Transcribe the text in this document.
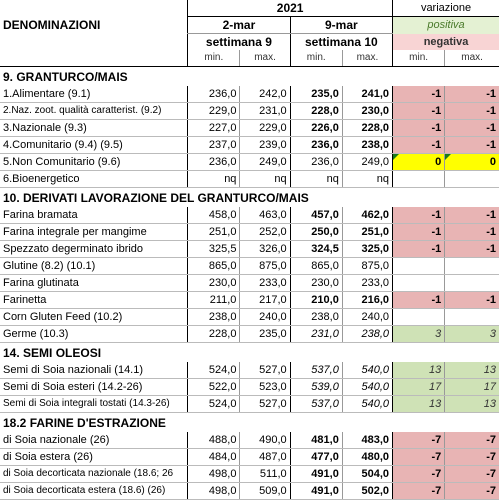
DENOMINAZIONI	2021				variazione	
	2-mar		9-mar		positiva	
	settimana 9		settimana 10		negativa	
	min.	max.	min.	max.	min.	max.
9. GRANTURCO/MAIS						
1.Alimentare (9.1)	236,0	242,0	235,0	241,0	-1	-1
2.Naz. zoot. qualità caratterist. (9.2)	229,0	231,0	228,0	230,0	-1	-1
3.Nazionale (9.3)	227,0	229,0	226,0	228,0	-1	-1
4.Comunitario (9.4) (9.5)	237,0	239,0	236,0	238,0	-1	-1
5.Non Comunitario (9.6)	236,0	249,0	236,0	249,0	0	0
6.Bioenergetico	nq	nq	nq	nq		
10. DERIVATI LAVORAZIONE DEL GRANTURCO/MAIS						
Farina bramata	458,0	463,0	457,0	462,0	-1	-1
Farina integrale per mangime	251,0	252,0	250,0	251,0	-1	-1
Spezzato degerminato ibrido	325,5	326,0	324,5	325,0	-1	-1
Glutine (8.2) (10.1)	865,0	875,0	865,0	875,0		
Farina glutinata	230,0	233,0	230,0	233,0		
Farinetta	211,0	217,0	210,0	216,0	-1	-1
Corn Gluten Feed (10.2)	238,0	240,0	238,0	240,0		
Germe (10.3)	228,0	235,0	231,0	238,0	3	3
14. SEMI OLEOSI						
Semi di Soia nazionali (14.1)	524,0	527,0	537,0	540,0	13	13
Semi di Soia esteri (14.2-26)	522,0	523,0	539,0	540,0	17	17
Semi di Soia integrali tostati (14.3-26)	524,0	527,0	537,0	540,0	13	13
18.2 FARINE D'ESTRAZIONE						
di Soia nazionale (26)	488,0	490,0	481,0	483,0	-7	-7
di Soia estera (26)	484,0	487,0	477,0	480,0	-7	-7
di Soia decorticata nazionale (18.6; 26	498,0	511,0	491,0	504,0	-7	-7
di Soia decorticata estera (18.6) (26)	498,0	509,0	491,0	502,0	-7	-7
